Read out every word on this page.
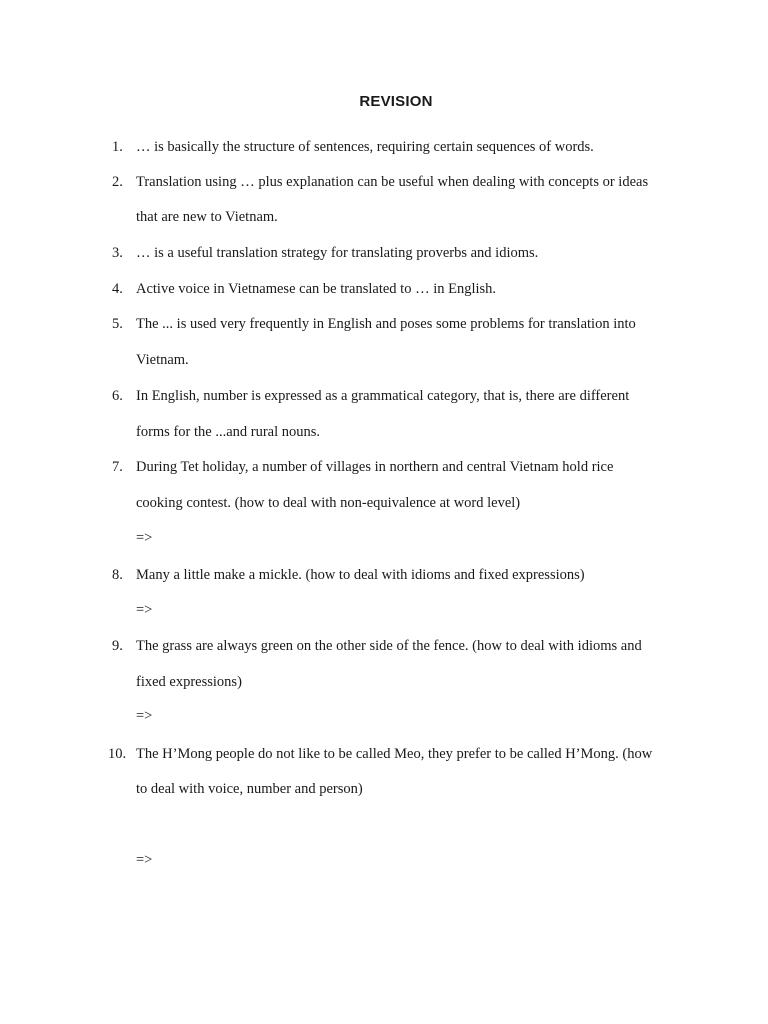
REVISION
1. … is basically the structure of sentences, requiring certain sequences of words.
2. Translation using … plus explanation can be useful when dealing with concepts or ideas
that are new to Vietnam.
3. … is a useful translation strategy for translating proverbs and idioms.
4. Active voice in Vietnamese can be translated to … in English.
5. The ... is used very frequently in English and poses some problems for translation into
Vietnam.
6. In English, number is expressed as a grammatical category, that is, there are different
forms for the ...and rural nouns.
7. During Tet holiday, a number of villages in northern and central Vietnam hold rice
cooking contest. (how to deal with non-equivalence at word level)
=>
8. Many a little make a mickle. (how to deal with idioms and fixed expressions)
=>
9. The grass are always green on the other side of the fence. (how to deal with idioms and
fixed expressions)
=>
10. The H’Mong people do not like to be called Meo, they prefer to be called H’Mong. (how
to deal with voice, number and person)
=>
